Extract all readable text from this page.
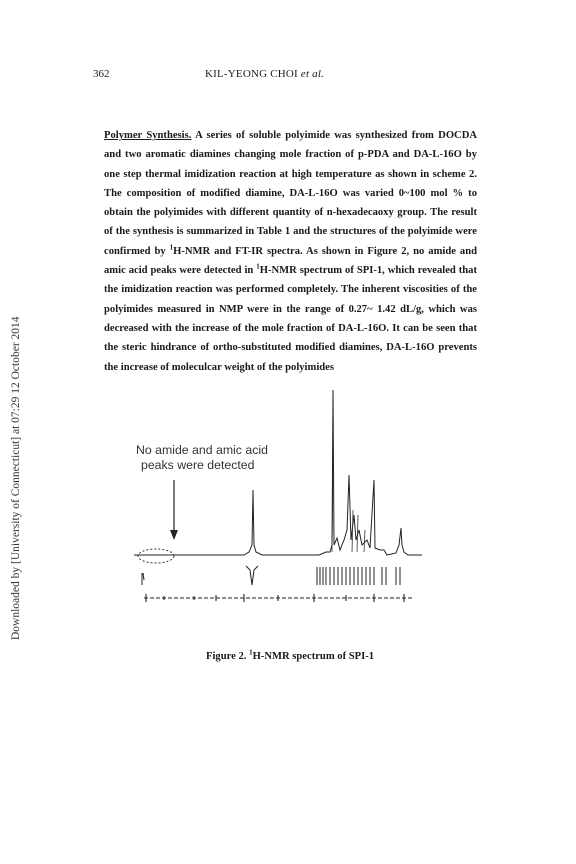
Downloaded by [University of Connecticut] at 07:29 12 October 2014
362	KIL-YEONG CHOI et al.
Polymer Synthesis. A series of soluble polyimide was synthesized from DOCDA and two aromatic diamines changing mole fraction of p-PDA and DA-L-16O by one step thermal imidization reaction at high temperature as shown in scheme 2. The composition of modified diamine, DA-L-16O was varied 0~100 mol % to obtain the polyimides with different quantity of n-hexadecaoxy group. The result of the synthesis is summarized in Table 1 and the structures of the polyimide were confirmed by $^1$H-NMR and FT-IR spectra. As shown in Figure 2, no amide and amic acid peaks were detected in $^1$H-NMR spectrum of SPI-1, which revealed that the imidization reaction was performed completely. The inherent viscosities of the polyimides measured in NMP were in the range of 0.27~ 1.42 dL/g, which was decreased with the increase of the mole fraction of DA-L-16O. It can be seen that the steric hindrance of ortho-substituted modified diamines, DA-L-16O prevents the increase of moleculcar weight of the polyimides
No amide and amic acid
peaks were detected
Figure 2. $^1$H-NMR spectrum of SPI-1
